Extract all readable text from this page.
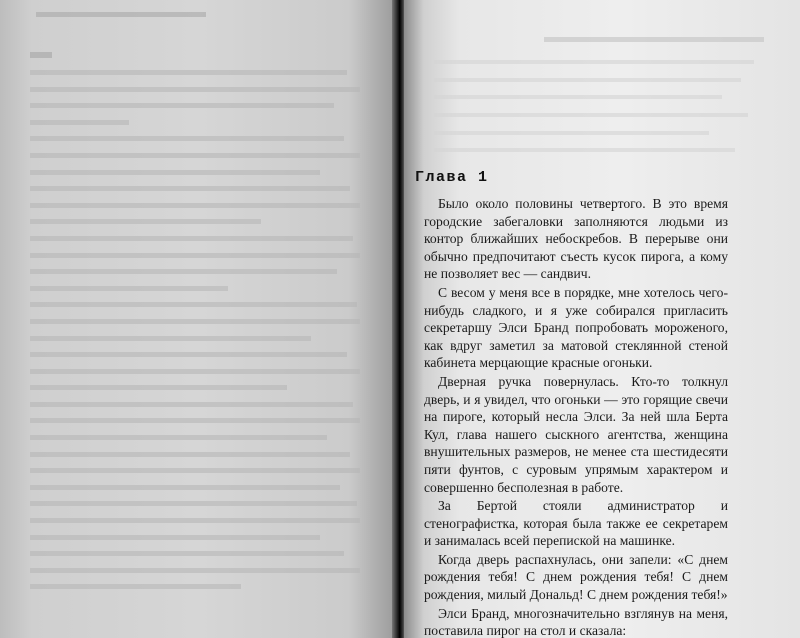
Глава 1

Было около половины четвертого. В это время городские забегаловки заполняются людьми из контор ближайших небоскребов. В перерыве они обычно предпочитают съесть кусок пирога, а кому не позволяет вес — сандвич.

С весом у меня все в порядке, мне хотелось чего-нибудь сладкого, и я уже собирался пригласить секретаршу Элси Бранд попробовать мороженого, как вдруг заметил за матовой стеклянной стеной кабинета мерцающие красные огоньки.

Дверная ручка повернулась. Кто-то толкнул дверь, и я увидел, что огоньки — это горящие свечи на пироге, который несла Элси. За ней шла Берта Кул, глава нашего сыскного агентства, женщина внушительных размеров, не менее ста шестидесяти пяти фунтов, с суровым упрямым характером и совершенно бесполезная в работе.

За Бертой стояли администратор и стенографистка, которая была также ее секретарем и занималась всей перепиской на машинке.

Когда дверь распахнулась, они запели: «С днем рождения тебя! С днем рождения тебя! С днем рождения, милый Дональд! С днем рождения тебя!»

Элси Бранд, многозначительно взглянув на меня, поставила пирог на стол и сказала:
